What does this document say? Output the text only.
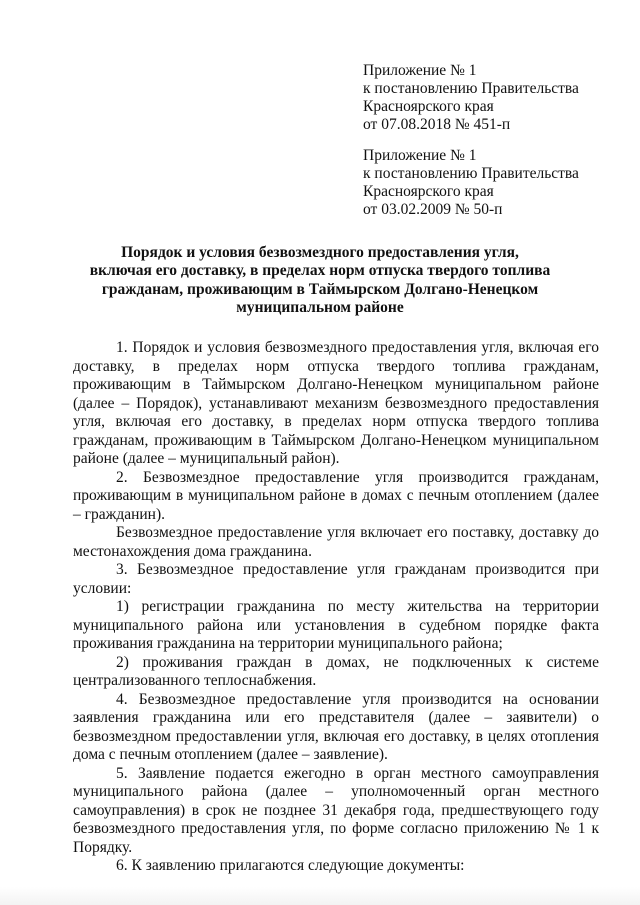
Приложение № 1
к постановлению Правительства
Красноярского края
от 07.08.2018 № 451-п
Приложение № 1
к постановлению Правительства
Красноярского края
от 03.02.2009 № 50-п
Порядок и условия безвозмездного предоставления угля,
включая его доставку, в пределах норм отпуска твердого топлива
гражданам, проживающим в Таймырском Долгано-Ненецком
муниципальном районе

1. Порядок и условия безвозмездного предоставления угля, включая его доставку, в пределах норм отпуска твердого топлива гражданам, проживающим в Таймырском Долгано-Ненецком муниципальном районе (далее – Порядок), устанавливают механизм безвозмездного предоставления угля, включая его доставку, в пределах норм отпуска твердого топлива гражданам, проживающим в Таймырском Долгано-Ненецком муниципальном районе (далее – муниципальный район).

2. Безвозмездное предоставление угля производится гражданам, проживающим в муниципальном районе в домах с печным отоплением (далее – гражданин).

Безвозмездное предоставление угля включает его поставку, доставку до местонахождения дома гражданина.

3. Безвозмездное предоставление угля гражданам производится при условии:

1) регистрации гражданина по месту жительства на территории муниципального района или установления в судебном порядке факта проживания гражданина на территории муниципального района;

2) проживания граждан в домах, не подключенных к системе централизованного теплоснабжения.

4. Безвозмездное предоставление угля производится на основании заявления гражданина или его представителя (далее – заявители) о безвозмездном предоставлении угля, включая его доставку, в целях отопления дома с печным отоплением (далее – заявление).

5. Заявление подается ежегодно в орган местного самоуправления муниципального района (далее – уполномоченный орган местного самоуправления) в срок не позднее 31 декабря года, предшествующего году безвозмездного предоставления угля, по форме согласно приложению № 1 к Порядку.

6. К заявлению прилагаются следующие документы:
